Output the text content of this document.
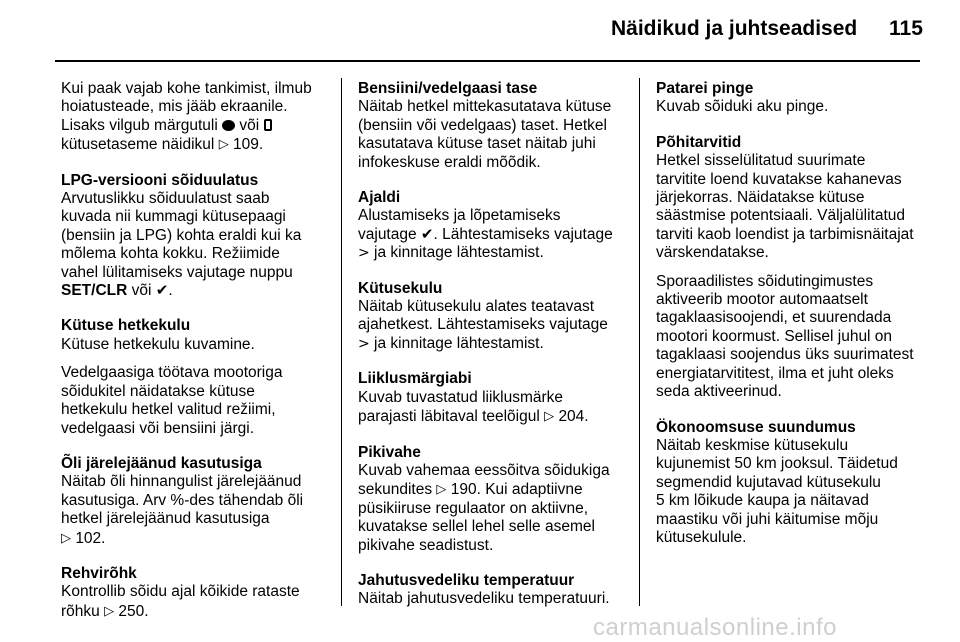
Näidikud ja juhtseadised 115
Kui paak vajab kohe tankimist, ilmub
hoiatusteade, mis jääb ekraanile.
Lisaks vilgub märgutuli või
kütusetaseme näidikul ▷ 109.

LPG-versiooni sõiduulatus

Arvutuslikku sõiduulatust saab
kuvada nii kummagi kütusepaagi
(bensiin ja LPG) kohta eraldi kui ka
mõlema kohta kokku. Režiimide
vahel lülitamiseks vajutage nuppu
SET/CLR või ✔.

Kütuse hetkekulu

Kütuse hetkekulu kuvamine.
Vedelgaasiga töötava mootoriga
sõidukitel näidatakse kütuse
hetkekulu hetkel valitud režiimi,
vedelgaasi või bensiini järgi.

Õli järelejäänud kasutusiga

Näitab õli hinnangulist järelejäänud
kasutusiga. Arv %-des tähendab õli
hetkel järelejäänud kasutusiga
▷ 102.

Rehvirõhk

Kontrollib sõidu ajal kõikide rataste
rõhku ▷ 250.

Bensiini/vedelgaasi tase

Näitab hetkel mittekasutatava kütuse
(bensiin või vedelgaas) taset. Hetkel
kasutatava kütuse taset näitab juhi
infokeskuse eraldi mõõdik.

Ajaldi

Alustamiseks ja lõpetamiseks
vajutage ✔. Lähtestamiseks vajutage
> ja kinnitage lähtestamist.

Kütusekulu

Näitab kütusekulu alates teatavast
ajahetkest. Lähtestamiseks vajutage
> ja kinnitage lähtestamist.

Liiklusmärgiabi

Kuvab tuvastatud liiklusmärke
parajasti läbitaval teelõigul ▷ 204.

Pikivahe

Kuvab vahemaa eessõitva sõidukiga
sekundites ▷ 190. Kui adaptiivne
püsikiiruse regulaator on aktiivne,
kuvatakse sellel lehel selle asemel
pikivahe seadistust.

Jahutusvedeliku temperatuur

Näitab jahutusvedeliku temperatuuri.

Patarei pinge

Kuvab sõiduki aku pinge.

Põhitarvitid

Hetkel sisselülitatud suurimate
tarvitite loend kuvatakse kahanevas
järjekorras. Näidatakse kütuse
säästmise potentsiaali. Väljalülitatud
tarviti kaob loendist ja tarbimisnäitajat
värskendatakse.
Sporaadilistes sõidutingimustes
aktiveerib mootor automaatselt
tagaklaasisoojendi, et suurendada
mootori koormust. Sellisel juhul on
tagaklaasi soojendus üks suurimatest
energiatarvititest, ilma et juht oleks
seda aktiveerinud.

Ökonoomsuse suundumus

Näitab keskmise kütusekulu
kujunemist 50 km jooksul. Täidetud
segmendid kujutavad kütusekulu
5 km lõikude kaupa ja näitavad
maastiku või juhi käitumise mõju
kütusekulule.
carmanualsonline.info
